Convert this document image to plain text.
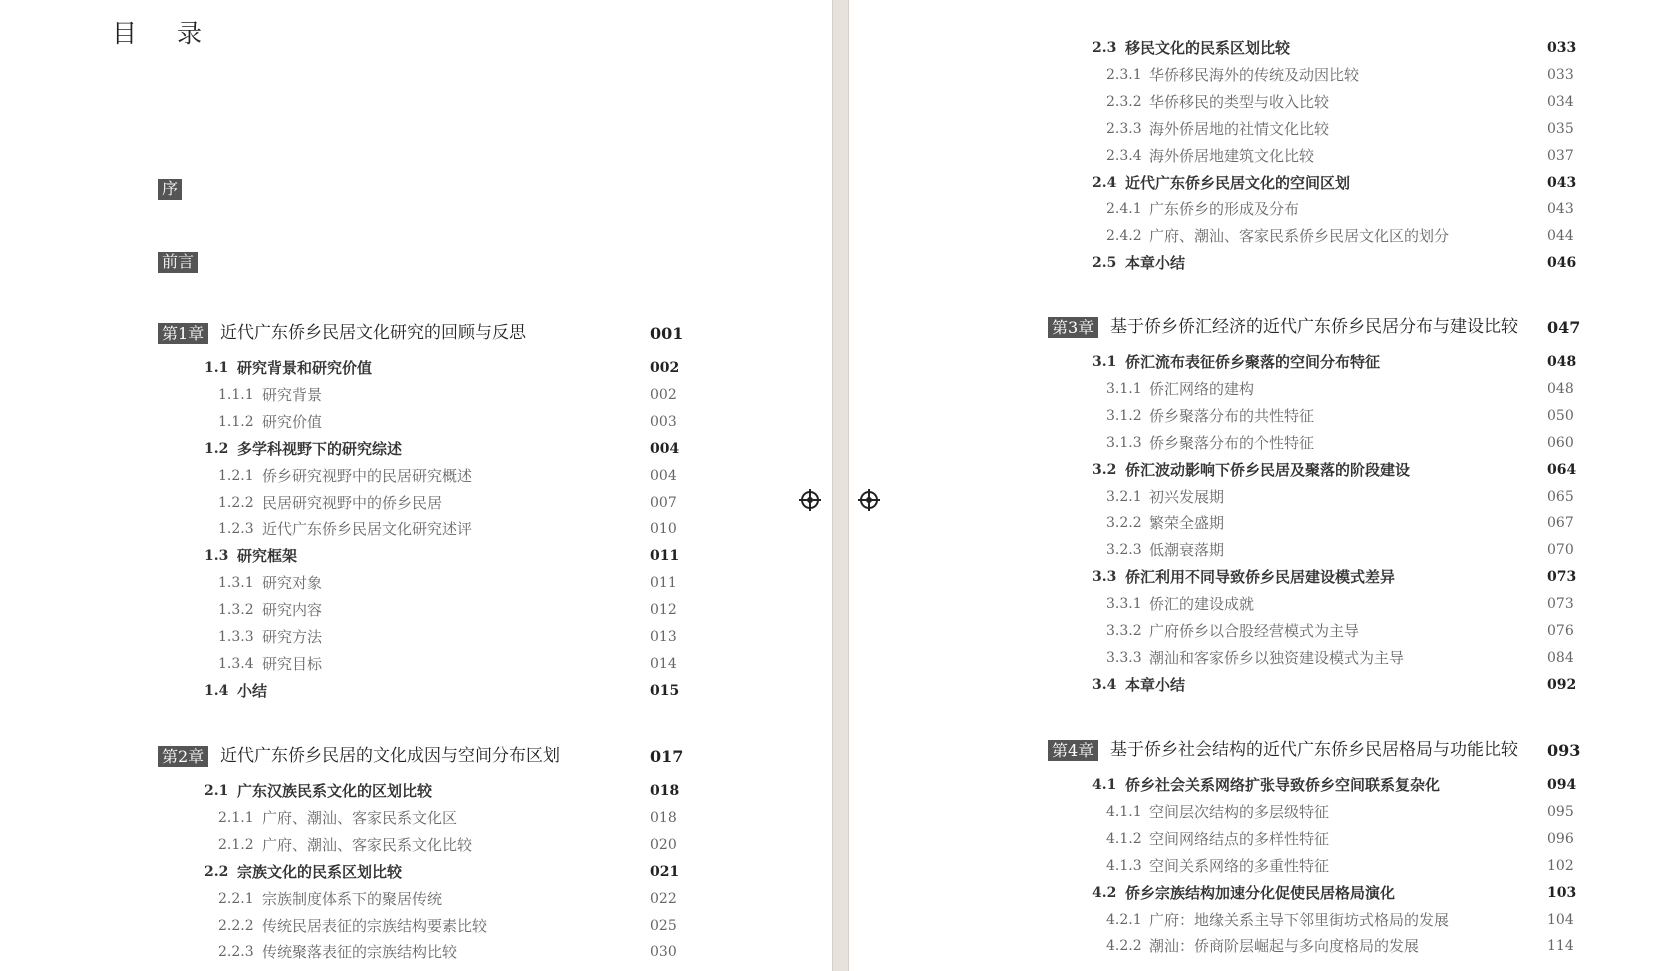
目 录
序
前言
第1章 近代广东侨乡民居文化研究的回顾与反思	001
1.1 研究背景和研究价值	002
1.1.1 研究背景	002
1.1.2 研究价值	003
1.2 多学科视野下的研究综述	004
1.2.1 侨乡研究视野中的民居研究概述	004
1.2.2 民居研究视野中的侨乡民居	007
1.2.3 近代广东侨乡民居文化研究述评	010
1.3 研究框架	011
1.3.1 研究对象	011
1.3.2 研究内容	012
1.3.3 研究方法	013
1.3.4 研究目标	014
1.4 小结	015
第2章 近代广东侨乡民居的文化成因与空间分布区划	017
2.1 广东汉族民系文化的区划比较	018
2.1.1 广府、潮汕、客家民系文化区	018
2.1.2 广府、潮汕、客家民系文化比较	020
2.2 宗族文化的民系区划比较	021
2.2.1 宗族制度体系下的聚居传统	022
2.2.2 传统民居表征的宗族结构要素比较	025
2.2.3 传统聚落表征的宗族结构比较	030
2.3 移民文化的民系区划比较	033
2.3.1 华侨移民海外的传统及动因比较	033
2.3.2 华侨移民的类型与收入比较	034
2.3.3 海外侨居地的社情文化比较	035
2.3.4 海外侨居地建筑文化比较	037
2.4 近代广东侨乡民居文化的空间区划	043
2.4.1 广东侨乡的形成及分布	043
2.4.2 广府、潮汕、客家民系侨乡民居文化区的划分	044
2.5 本章小结	046
第3章 基于侨乡侨汇经济的近代广东侨乡民居分布与建设比较 047
3.1 侨汇流布表征侨乡聚落的空间分布特征	048
3.1.1 侨汇网络的建构	048
3.1.2 侨乡聚落分布的共性特征	050
3.1.3 侨乡聚落分布的个性特征	060
3.2 侨汇波动影响下侨乡民居及聚落的阶段建设	064
3.2.1 初兴发展期	065
3.2.2 繁荣全盛期	067
3.2.3 低潮衰落期	070
3.3 侨汇利用不同导致侨乡民居建设模式差异	073
3.3.1 侨汇的建设成就	073
3.3.2 广府侨乡以合股经营模式为主导	076
3.3.3 潮汕和客家侨乡以独资建设模式为主导	084
3.4 本章小结	092
第4章 基于侨乡社会结构的近代广东侨乡民居格局与功能比较 093
4.1 侨乡社会关系网络扩张导致侨乡空间联系复杂化	094
4.1.1 空间层次结构的多层级特征	095
4.1.2 空间网络结点的多样性特征	096
4.1.3 空间关系网络的多重性特征	102
4.2 侨乡宗族结构加速分化促使民居格局演化	103
4.2.1 广府：地缘关系主导下邻里街坊式格局的发展	104
4.2.2 潮汕：侨商阶层崛起与多向度格局的发展	114
